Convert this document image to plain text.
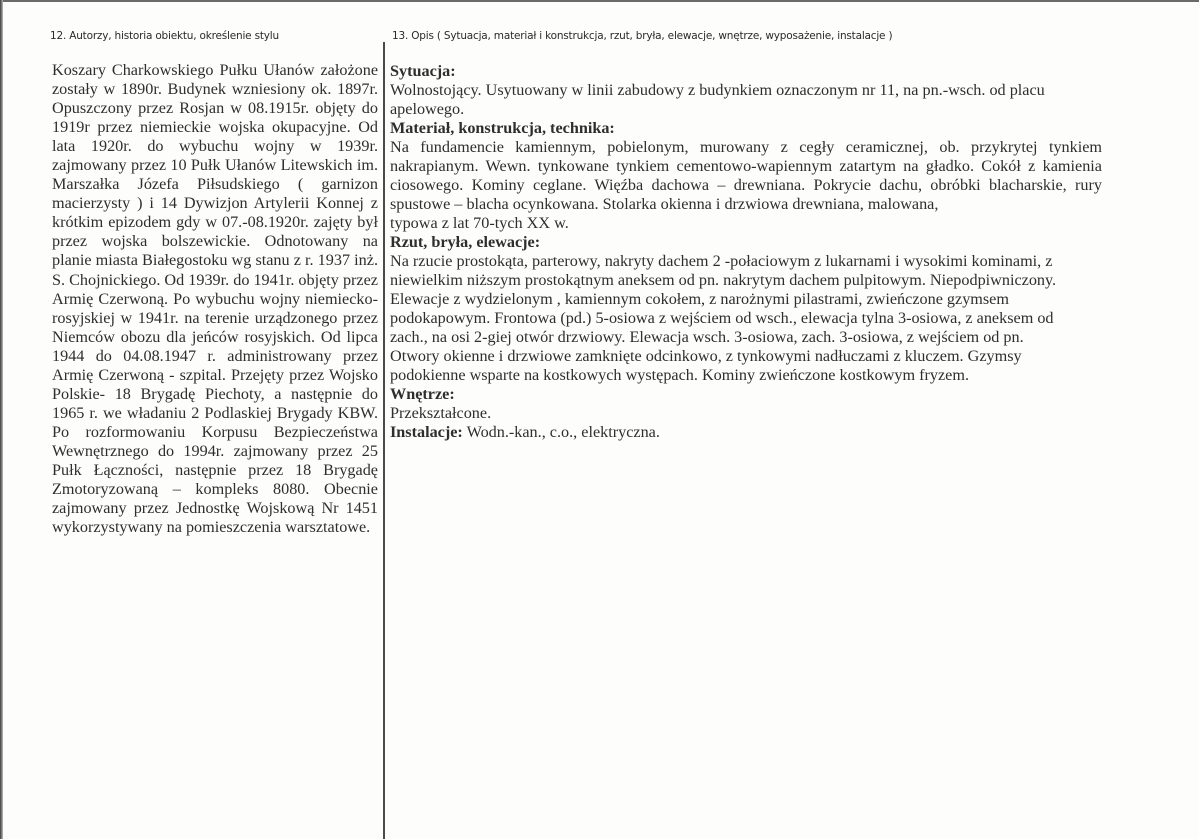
12. Autorzy, historia obiektu, określenie stylu	13. Opis ( Sytuacja, materiał i konstrukcja, rzut, bryła, elewacje, wnętrze, wyposażenie, instalacje )

Koszary Charkowskiego Pułku Ułanów założone zostały w 1890r. Budynek wzniesiony ok. 1897r. Opuszczony przez Rosjan w 08.1915r. objęty do 1919r przez niemieckie wojska okupacyjne. Od lata 1920r. do wybuchu wojny w 1939r. zajmowany przez 10 Pułk Ułanów Litewskich im. Marszałka Józefa Piłsudskiego ( garnizon macierzysty ) i 14 Dywizjon Artylerii Konnej z krótkim epizodem gdy w 07.-08.1920r. zajęty był przez wojska bolszewickie. Odnotowany na planie miasta Białegostoku wg stanu z r. 1937 inż. S. Chojnickiego. Od 1939r. do 1941r. objęty przez Armię Czerwoną. Po wybuchu wojny niemiecko-rosyjskiej w 1941r. na terenie urządzonego przez Niemców obozu dla jeńców rosyjskich. Od lipca 1944 do 04.08.1947 r. administrowany przez Armię Czerwoną - szpital. Przejęty przez Wojsko Polskie- 18 Brygadę Piechoty, a następnie do 1965 r. we władaniu 2 Podlaskiej Brygady KBW. Po rozformowaniu Korpusu Bezpieczeństwa Wewnętrznego do 1994r. zajmowany przez 25 Pułk Łączności, następnie przez 18 Brygadę Zmotoryzowaną – kompleks 8080. Obecnie zajmowany przez Jednostkę Wojskową Nr 1451 wykorzystywany na pomieszczenia warsztatowe.

Sytuacja:

Wolnostojący. Usytuowany w linii zabudowy z budynkiem oznaczonym nr 11, na pn.-wsch. od placu apelowego.

Materiał, konstrukcja, technika:

Na fundamencie kamiennym, pobielonym, murowany z cegły ceramicznej, ob. przykrytej tynkiem nakrapianym. Wewn. tynkowane tynkiem cementowo-wapiennym zatartym na gładko. Cokół z kamienia ciosowego. Kominy ceglane. Więźba dachowa – drewniana. Pokrycie dachu, obróbki blacharskie, rury spustowe – blacha ocynkowana. Stolarka okienna i drzwiowa drewniana, malowana,

typowa z lat 70-tych XX w.

Rzut, bryła, elewacje:

Na rzucie prostokąta, parterowy, nakryty dachem 2 -połaciowym z lukarnami i wysokimi kominami, z

niewielkim niższym prostokątnym aneksem od pn. nakrytym dachem pulpitowym. Niepodpiwniczony.

Elewacje z wydzielonym , kamiennym cokołem, z narożnymi pilastrami, zwieńczone gzymsem

podokapowym. Frontowa (pd.) 5-osiowa z wejściem od wsch., elewacja tylna 3-osiowa, z aneksem od

zach., na osi 2-giej otwór drzwiowy. Elewacja wsch. 3-osiowa, zach. 3-osiowa, z wejściem od pn.

Otwory okienne i drzwiowe zamknięte odcinkowo, z tynkowymi nadłuczami z kluczem. Gzymsy

podokienne wsparte na kostkowych występach. Kominy zwieńczone kostkowym fryzem.

Wnętrze:

Przekształcone.

Instalacje: Wodn.-kan., c.o., elektryczna.
